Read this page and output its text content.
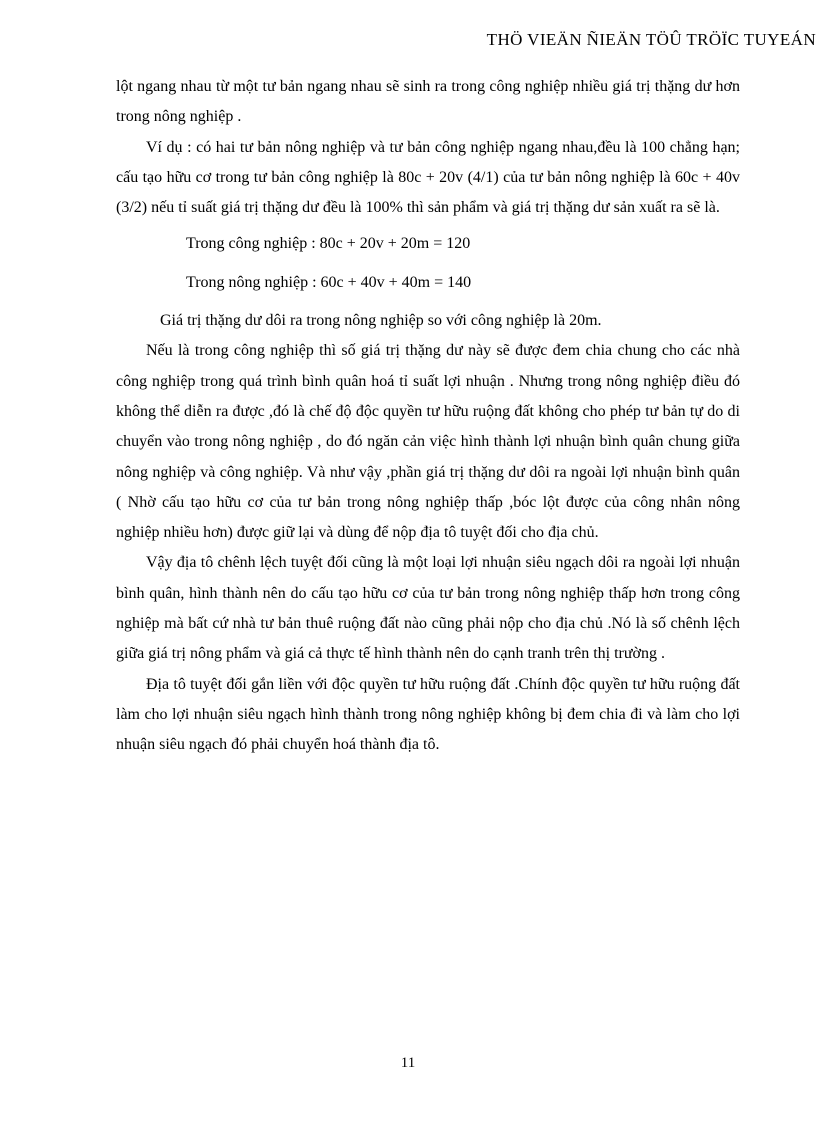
THÖ VIEÄN ÑIEÄN TÖÛ TRÖÏC TUYEÁN

lột ngang nhau từ một tư bản ngang nhau sẽ sinh ra trong công nghiệp nhiều giá trị thặng dư hơn trong nông nghiệp .

Ví dụ : có hai tư bản nông nghiệp và tư bản công nghiệp ngang nhau,đều là 100 chẳng hạn; cấu tạo hữu cơ trong tư bản công nghiệp là 80c + 20v (4/1) của tư bản nông nghiệp là 60c + 40v (3/2) nếu tỉ suất giá trị thặng dư đều là 100% thì sản phẩm và giá trị thặng dư sản xuất ra sẽ là.

Trong công nghiệp : 80c + 20v + 20m = 120

Trong nông nghiệp : 60c + 40v + 40m = 140

Giá trị thặng dư dôi ra trong nông nghiệp so với công nghiệp là 20m.

Nếu là trong công nghiệp thì số giá trị thặng dư này sẽ được đem chia chung cho các nhà công nghiệp trong quá trình bình quân hoá tỉ suất lợi nhuận . Nhưng trong nông nghiệp điều đó không thể diễn ra được ,đó là chế độ độc quyền tư hữu ruộng đất không cho phép tư bản tự do di chuyển vào trong nông nghiệp , do đó ngăn cản việc hình thành lợi nhuận bình quân chung giữa nông nghiệp và công nghiệp. Và như vậy ,phần giá trị thặng dư dôi ra ngoài lợi nhuận bình quân ( Nhờ cấu tạo hữu cơ của tư bản trong nông nghiệp thấp ,bóc lột được của công nhân nông nghiệp nhiều hơn) được giữ lại và dùng để nộp địa tô tuyệt đối cho địa chủ.

Vậy địa tô chênh lệch tuyệt đối cũng là một loại lợi nhuận siêu ngạch dôi ra ngoài lợi nhuận bình quân, hình thành nên do cấu tạo hữu cơ của tư bản trong nông nghiệp thấp hơn trong công nghiệp mà bất cứ nhà tư bản thuê ruộng đất nào cũng phải nộp cho địa chủ .Nó là số chênh lệch giữa giá trị nông phẩm và giá cả thực tế hình thành nên do cạnh tranh trên thị trường .

Địa tô tuyệt đối gắn liền với độc quyền tư hữu ruộng đất .Chính độc quyền tư hữu ruộng đất làm cho lợi nhuận siêu ngạch hình thành trong nông nghiệp không bị đem chia đi và làm cho lợi nhuận siêu ngạch đó phải chuyển hoá thành địa tô.

11
